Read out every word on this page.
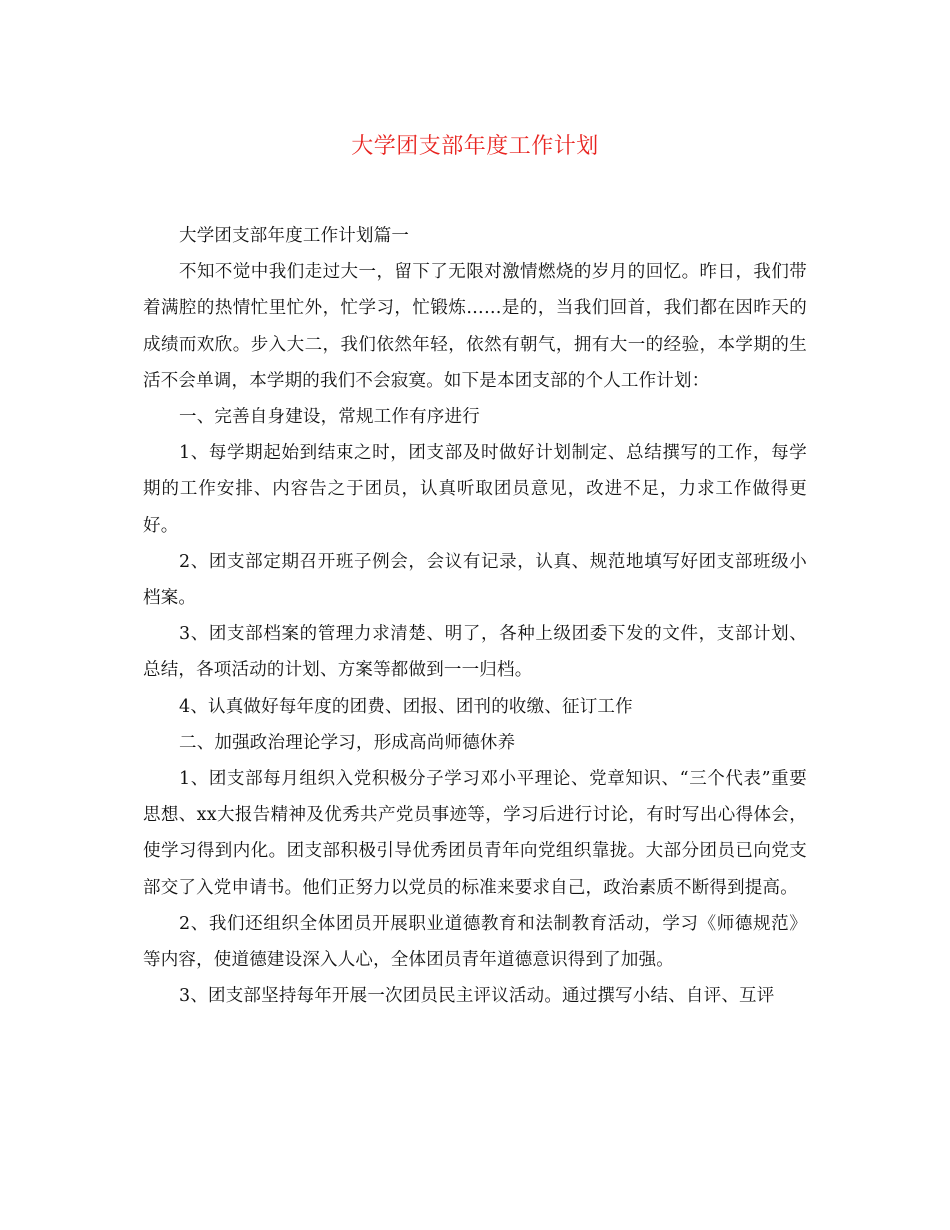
大学团支部年度工作计划

大学团支部年度工作计划篇一

不知不觉中我们走过大一，留下了无限对激情燃烧的岁月的回忆。昨日，我们带着满腔的热情忙里忙外，忙学习，忙锻炼……是的，当我们回首，我们都在因昨天的成绩而欢欣。步入大二，我们依然年轻，依然有朝气，拥有大一的经验，本学期的生活不会单调，本学期的我们不会寂寞。如下是本团支部的个人工作计划：

一、完善自身建设，常规工作有序进行

1、每学期起始到结束之时，团支部及时做好计划制定、总结撰写的工作，每学期的工作安排、内容告之于团员，认真听取团员意见，改进不足，力求工作做得更好。

2、团支部定期召开班子例会，会议有记录，认真、规范地填写好团支部班级小档案。

3、团支部档案的管理力求清楚、明了，各种上级团委下发的文件，支部计划、总结，各项活动的计划、方案等都做到一一归档。

4、认真做好每年度的团费、团报、团刊的收缴、征订工作

二、加强政治理论学习，形成高尚师德休养

1、团支部每月组织入党积极分子学习邓小平理论、党章知识、“三个代表”重要思想、xx大报告精神及优秀共产党员事迹等，学习后进行讨论，有时写出心得体会，使学习得到内化。团支部积极引导优秀团员青年向党组织靠拢。大部分团员已向党支部交了入党申请书。他们正努力以党员的标准来要求自己，政治素质不断得到提高。

2、我们还组织全体团员开展职业道德教育和法制教育活动，学习《师德规范》等内容，使道德建设深入人心，全体团员青年道德意识得到了加强。

3、团支部坚持每年开展一次团员民主评议活动。通过撰写小结、自评、互评
